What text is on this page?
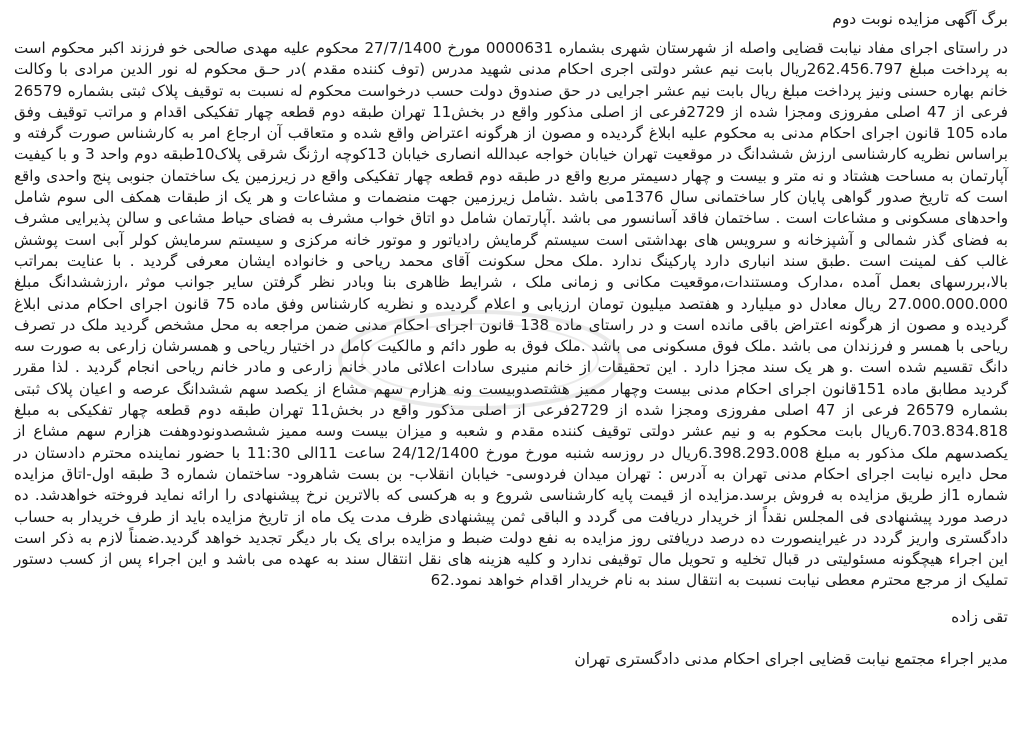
برگ آگهی مزایده نوبت دوم

در راستای اجرای مفاد نیابت قضایی واصله از شهرستان شهری بشماره 0000631 مورخ 27/7/1400 محکوم علیه مهدی صالحی خو فرزند اکبر محکوم است به پرداخت مبلغ 262.456.797ریال بابت نیم عشر دولتی اجری احکام مدنی شهید مدرس (توف کننده مقدم )در حـق محکوم له نور الدین مرادی با وکالت خانم بهاره حسنی ونیز پرداخت مبلغ ریال بابت نیم عشر اجرایی در حق صندوق دولت حسب درخواست محکوم له نسبت به توقیف پلاک ثبتی بشماره 26579 فرعی از 47 اصلی مفروزی ومجزا شده از 2729فرعی از اصلی مذکور واقع در بخش11 تهران طبقه دوم قطعه چهار تفکیکی اقدام و مراتب توقیف وفق ماده 105 قانون اجرای احکام مدنی به محکوم علیه ابلاغ گردیده و مصون از هرگونه اعتراض واقع شده و متعاقب آن ارجاع امر به کارشناس صورت گرفته و براساس نظریه کارشناسی ارزش ششدانگ در موقعیت تهران خیابان خواجه عبدالله انصاری خیابان 13کوچه ارژنگ شرقی پلاک10طبقه دوم واحد 3 و با کیفیت آپارتمان به مساحت هشتاد و نه متر و بیست و چهار دسیمتر مربع واقع در طبقه دوم قطعه چهار تفکیکی واقع در زیرزمین یک ساختمان جنوبی پنج واحدی واقع است که تاریخ صدور گواهی پایان کار ساختمانی سال 1376می باشد .شامل زیرزمین جهت منضمات و مشاعات و هر یک از طبقات همکف الی سوم شامل واحدهای مسکونی و مشاعات است . ساختمان فاقد آسانسور می باشد .آپارتمان شامل دو اتاق خواب مشرف به فضای حیاط مشاعی و سالن پذیرایی مشرف به فضای گذر شمالی و آشپزخانه و سرویس های بهداشتی است سیستم گرمایش رادیاتور و موتور خانه مرکزی و سیستم سرمایش کولر آبی است پوشش غالب کف لمینت است .طبق سند انباری دارد پارکینگ ندارد .ملک محل سکونت آقای محمد ریاحی و خانواده ایشان معرفی گردید . با عنایت بمراتب بالا،بررسهای بعمل آمده ،مدارک ومستندات،موقعیت مکانی و زمانی ملک ، شرایط ظاهری بنا وبادر نظر گرفتن سایر جوانب موثر ،ارزششدانگ مبلغ 27.000.000.000 ریال معادل دو میلیارد و هفتصد میلیون تومان ارزیابی و اعلام گردیده و نظریه کارشناس وفق ماده 75 قانون اجرای احکام مدنی ابلاغ گردیده و مصون از هرگونه اعتراض باقی مانده است و در راستای ماده 138 قانون اجرای احکام مدنی ضمن مراجعه به محل مشخص گردید ملک در تصرف ریاحی با همسر و فرزندان می باشد .ملک فوق مسکونی می باشد .ملک فوق به طور دائم و مالکیت کامل در اختیار ریاحی و همسرشان زارعی به صورت سه دانگ تقسیم شده است .و هر یک سند مجزا دارد . این تحقیقات از خانم منیری سادات اعلائی مادر خانم زارعی و مادر خانم ریاحی انجام گردید . لذا مقرر گردید مطابق ماده 151قانون اجرای احکام مدنی بیست وچهار ممیز هشتصدوبیست ونه هزارم سهم مشاع از یکصد سهم ششدانگ عرصه و اعیان پلاک ثبتی بشماره 26579 فرعی از 47 اصلی مفروزی ومجزا شده از 2729فرعی از اصلی مذکور واقع در بخش11 تهران طبقه دوم قطعه چهار تفکیکی به مبلغ 6.703.834.818ریال بابت محکوم به و نیم عشر دولتی توقیف کننده مقدم و شعبه و میزان بیست وسه ممیز ششصدونودوهفت هزارم سهم مشاع از یکصدسهم ملک مذکور به مبلغ 6.398.293.008ریال در روزسه شنبه مورخ مورخ 24/12/1400 ساعت 11الی 11:30 با حضور نماینده محترم دادستان در محل دایره نیابت اجرای احکام مدنی تهران به آدرس : تهران میدان فردوسی- خیابان انقلاب- بن بست شاهرود- ساختمان شماره 3 طبقه اول-اتاق مزایده شماره 1از طریق مزایده به فروش برسد.مزایده از قیمت پایه کارشناسی شروع و به هرکسی که بالاترین نرخ پیشنهادی را ارائه نماید فروخته خواهدشد. ده درصد مورد پیشنهادی فی المجلس نقداً از خریدار دریافت می گردد و الباقی ثمن پیشنهادی ظرف مدت یک ماه از تاریخ مزایده باید از طرف خریدار به حساب دادگستری واریز گردد در غیراینصورت ده درصد دریافتی روز مزایده به نفع دولت ضبط و مزایده برای یک بار دیگر تجدید خواهد گردید.ضمناً لازم به ذکر است این اجراء هیچگونه مسئولیتی در قبال تخلیه و تحویل مال توقیفی ندارد و کلیه هزینه های نقل انتقال سند به عهده می باشد و این اجراء پس از کسب دستور تملیک از مرجع محترم معطی نیابت نسبت به انتقال سند به نام خریدار اقدام خواهد نمود.62

تقی زاده
مدیر اجراء مجتمع نیابت قضایی اجرای احکام مدنی دادگستری تهران
